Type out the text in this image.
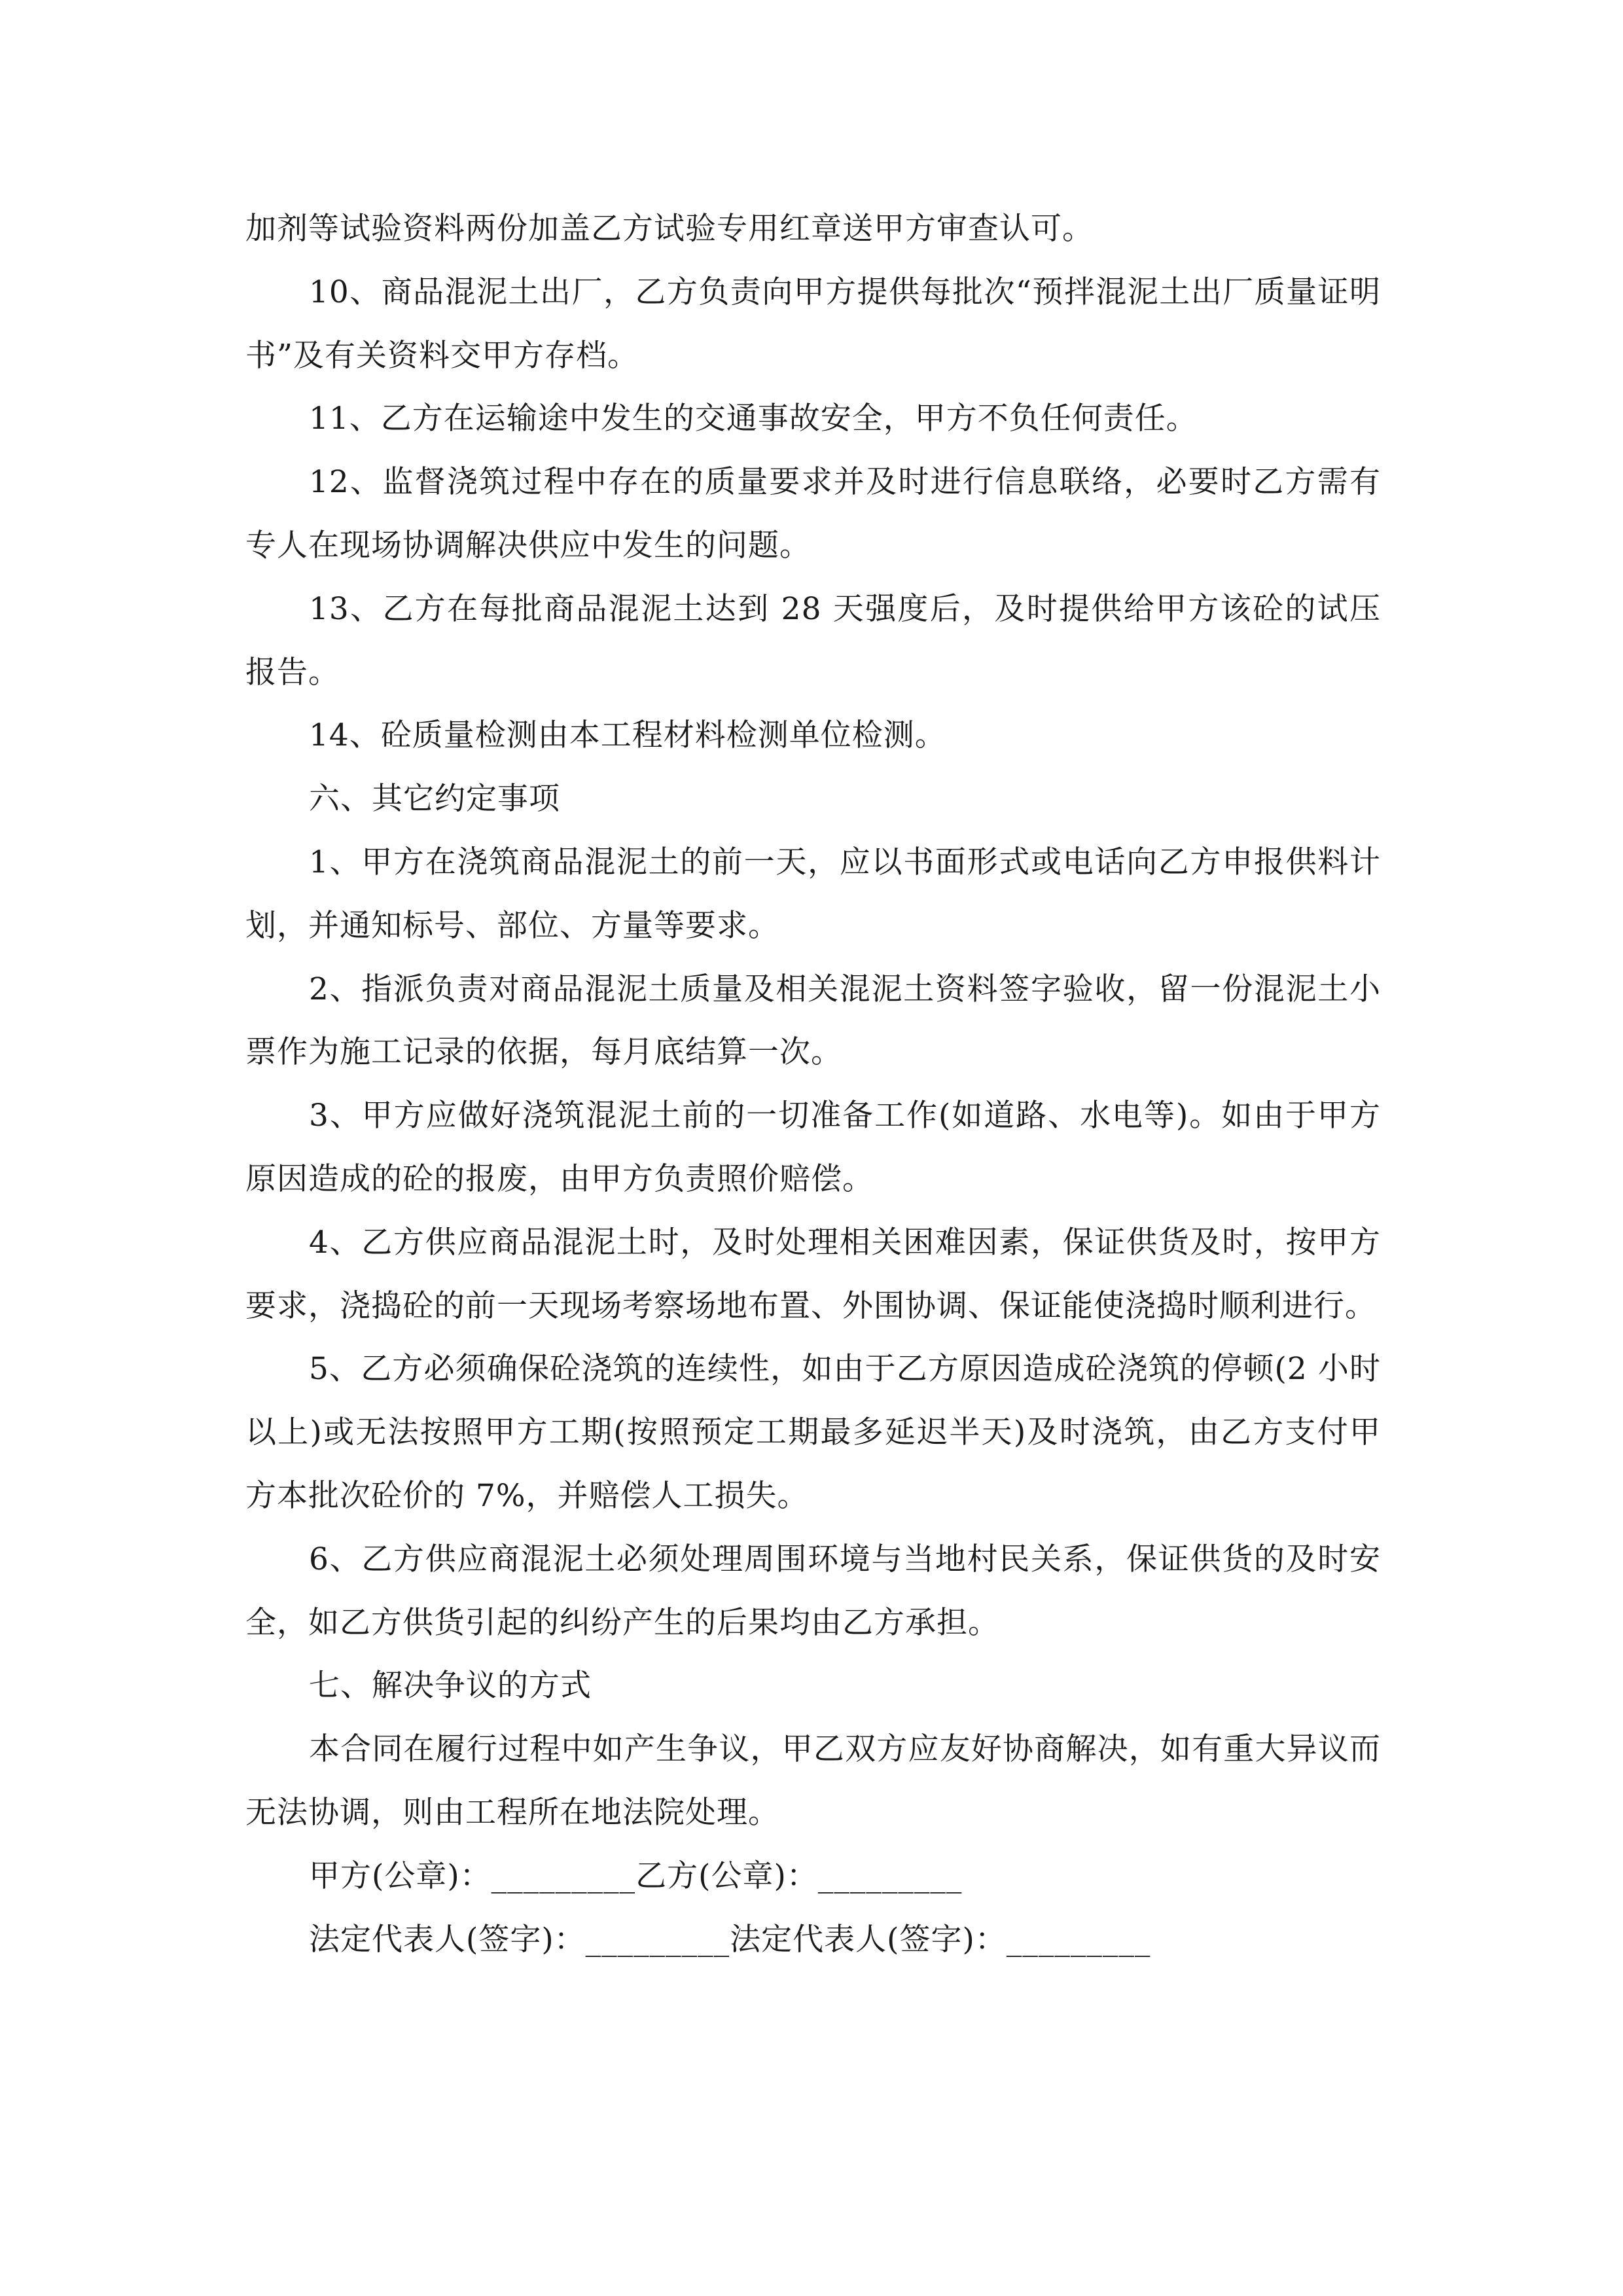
加剂等试验资料两份加盖乙方试验专用红章送甲方审查认可。

10、商品混泥土出厂，乙方负责向甲方提供每批次“预拌混泥土出厂质量证明书”及有关资料交甲方存档。

11、乙方在运输途中发生的交通事故安全，甲方不负任何责任。

12、监督浇筑过程中存在的质量要求并及时进行信息联络，必要时乙方需有专人在现场协调解决供应中发生的问题。

13、乙方在每批商品混泥土达到 28 天强度后，及时提供给甲方该砼的试压报告。

14、砼质量检测由本工程材料检测单位检测。

六、其它约定事项

1、甲方在浇筑商品混泥土的前一天，应以书面形式或电话向乙方申报供料计划，并通知标号、部位、方量等要求。

2、指派负责对商品混泥土质量及相关混泥土资料签字验收，留一份混泥土小票作为施工记录的依据，每月底结算一次。

3、甲方应做好浇筑混泥土前的一切准备工作(如道路、水电等)。如由于甲方原因造成的砼的报废，由甲方负责照价赔偿。

4、乙方供应商品混泥土时，及时处理相关困难因素，保证供货及时，按甲方要求，浇捣砼的前一天现场考察场地布置、外围协调、保证能使浇捣时顺利进行。

5、乙方必须确保砼浇筑的连续性，如由于乙方原因造成砼浇筑的停顿(2 小时以上)或无法按照甲方工期(按照预定工期最多延迟半天)及时浇筑，由乙方支付甲方本批次砼价的 7%，并赔偿人工损失。

6、乙方供应商混泥土必须处理周围环境与当地村民关系，保证供货的及时安全，如乙方供货引起的纠纷产生的后果均由乙方承担。

七、解决争议的方式

本合同在履行过程中如产生争议，甲乙双方应友好协商解决，如有重大异议而无法协调，则由工程所在地法院处理。

甲方(公章)：_________乙方(公章)：_________

法定代表人(签字)：_________法定代表人(签字)：_________
